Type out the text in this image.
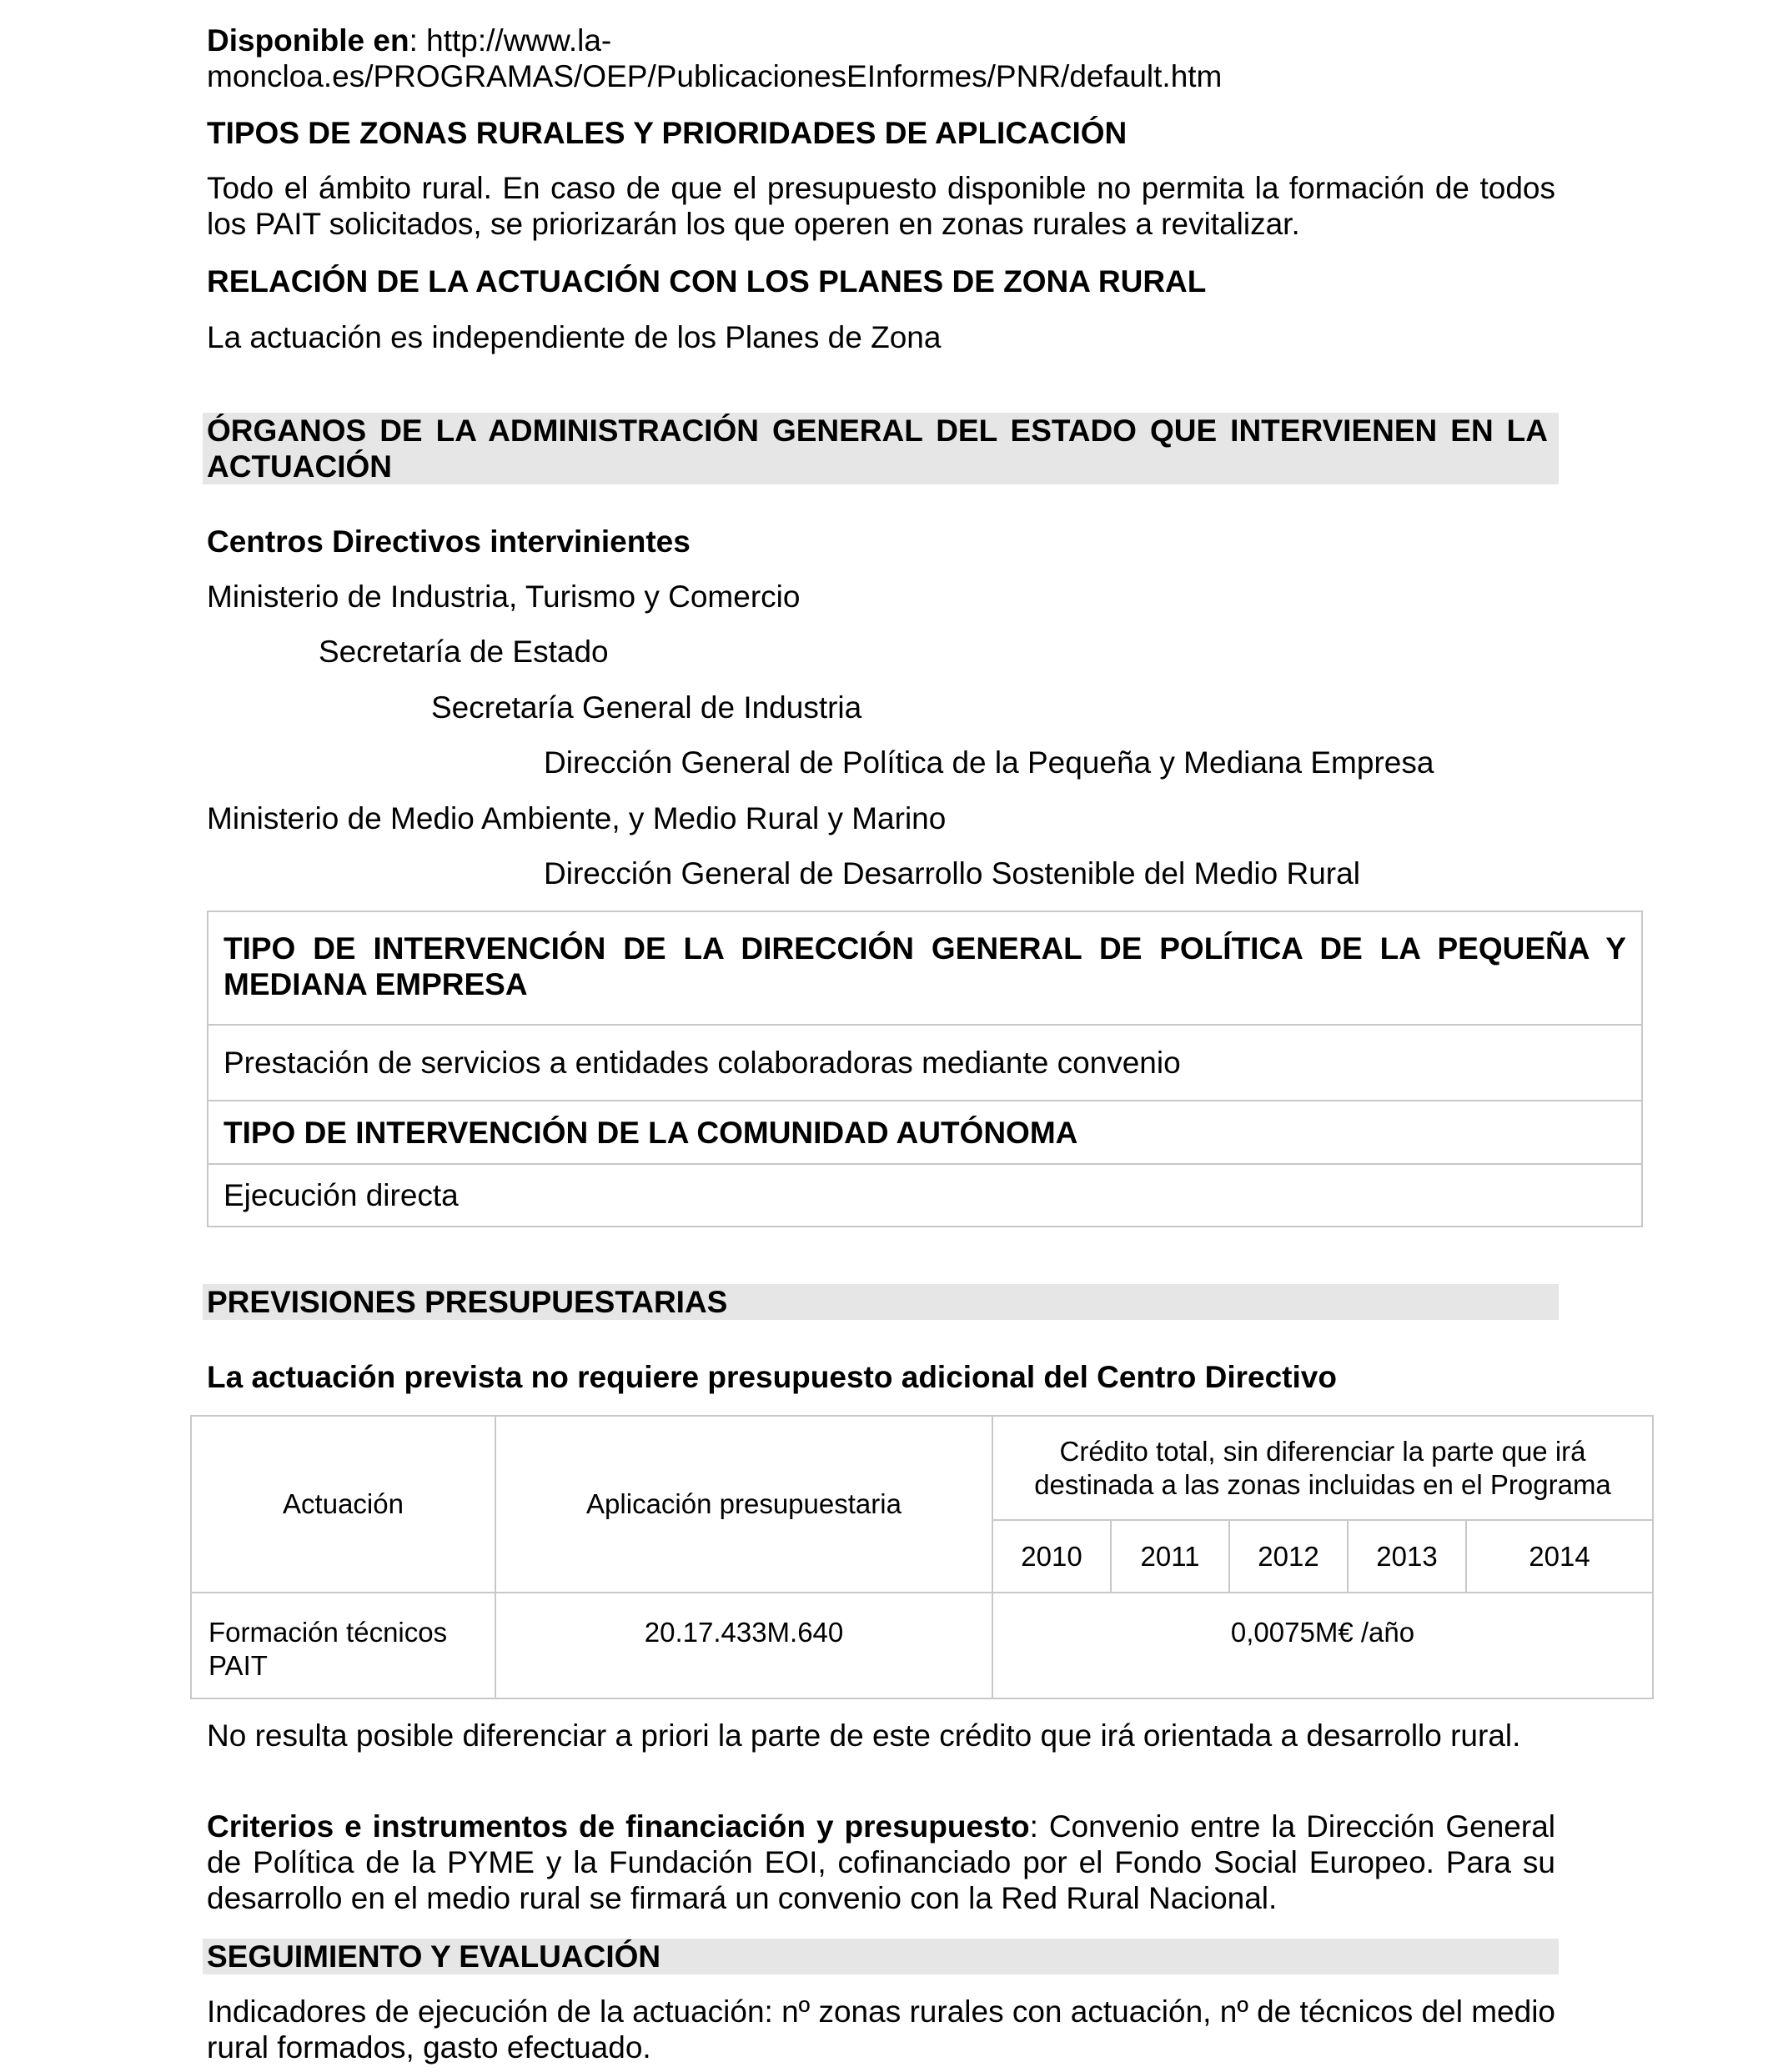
Disponible en: http://www.la-
moncloa.es/PROGRAMAS/OEP/PublicacionesEInformes/PNR/default.htm
TIPOS DE ZONAS RURALES Y PRIORIDADES DE APLICACIÓN
Todo el ámbito rural. En caso de que el presupuesto disponible no permita la formación de todos los PAIT solicitados, se priorizarán los que operen en zonas rurales a revitalizar.
RELACIÓN DE LA ACTUACIÓN CON LOS PLANES DE ZONA RURAL
La actuación es independiente de los Planes de Zona
ÓRGANOS DE LA ADMINISTRACIÓN GENERAL DEL ESTADO QUE INTERVIENEN EN LA
ACTUACIÓN
Centros Directivos intervinientes
Ministerio de Industria, Turismo y Comercio
Secretaría de Estado
Secretaría General de Industria
Dirección General de Política de la Pequeña y Mediana Empresa
Ministerio de Medio Ambiente, y Medio Rural y Marino
Dirección General de Desarrollo Sostenible del Medio Rural
TIPO DE INTERVENCIÓN DE LA DIRECCIÓN GENERAL DE POLÍTICA DE LA PEQUEÑA Y MEDIANA EMPRESA
Prestación de servicios a entidades colaboradoras mediante convenio
TIPO DE INTERVENCIÓN DE LA COMUNIDAD AUTÓNOMA
Ejecución directa
PREVISIONES PRESUPUESTARIAS
La actuación prevista no requiere presupuesto adicional del Centro Directivo
Actuación	Aplicación presupuestaria	Crédito total, sin diferenciar la parte que irá destinada a las zonas incluidas en el Programa				
		2010	2011	2012	2013	2014
Formación técnicos PAIT	20.17.433M.640	0,0075M€ /año				
No resulta posible diferenciar a priori la parte de este crédito que irá orientada a desarrollo rural.
Criterios e instrumentos de financiación y presupuesto: Convenio entre la Dirección General de Política de la PYME y la Fundación EOI, cofinanciado por el Fondo Social Europeo. Para su desarrollo en el medio rural se firmará un convenio con la Red Rural Nacional.
SEGUIMIENTO Y EVALUACIÓN
Indicadores de ejecución de la actuación: nº zonas rurales con actuación, nº de técnicos del medio rural formados, gasto efectuado.
